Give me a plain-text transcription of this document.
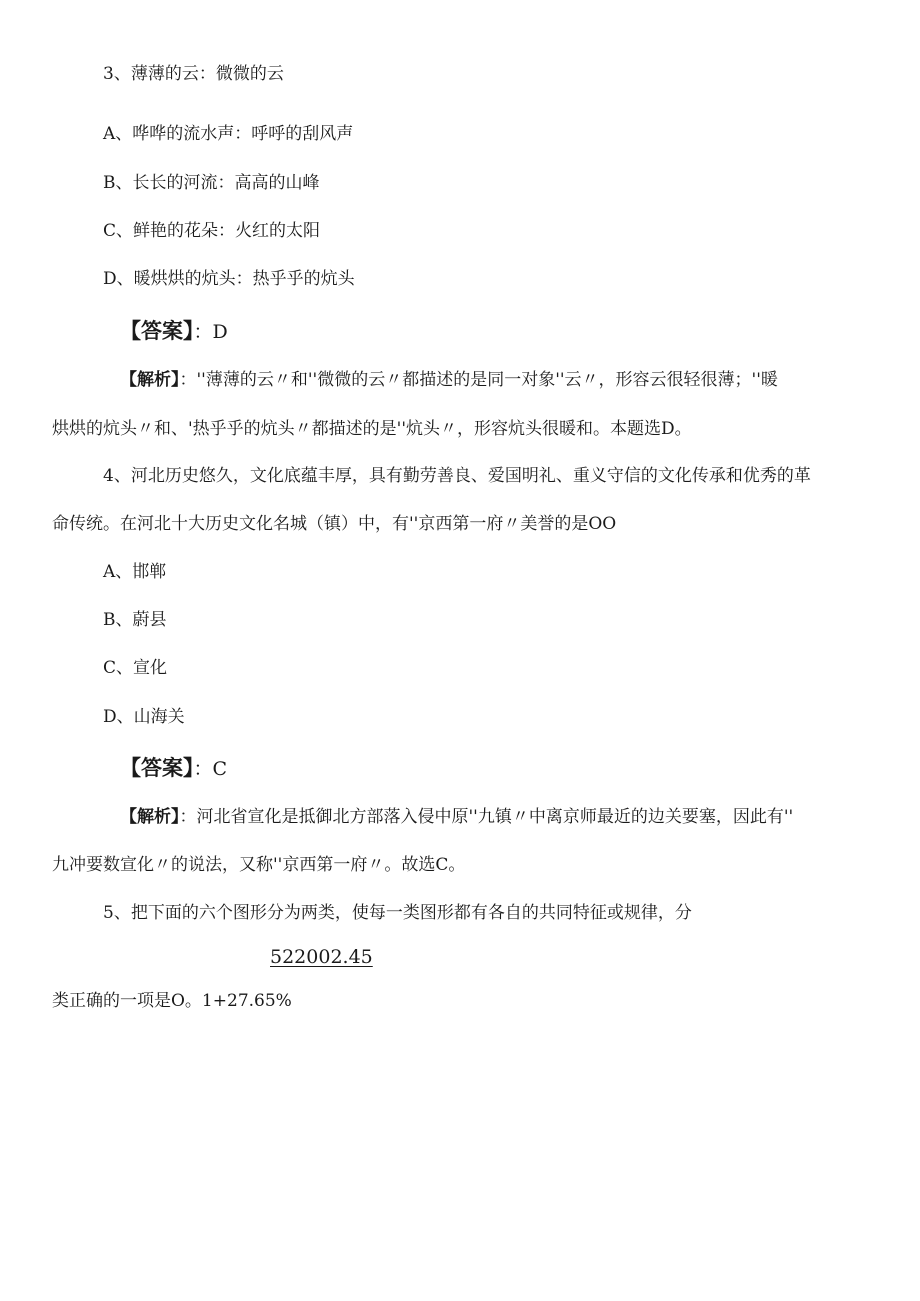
3、薄薄的云：微微的云
A、哗哗的流水声：呼呼的刮风声
B、长长的河流：高高的山峰
C、鲜艳的花朵：火红的太阳
D、暖烘烘的炕头：热乎乎的炕头
【答案】：D
【解析】：''薄薄的云〃和''微微的云〃都描述的是同一对象''云〃，形容云很轻很薄；''暖
烘烘的炕头〃和、'热乎乎的炕头〃都描述的是''炕头〃，形容炕头很暖和。本题选D。
4、河北历史悠久，文化底蕴丰厚，具有勤劳善良、爱国明礼、重义守信的文化传承和优秀的革
命传统。在河北十大历史文化名城（镇）中，有''京西第一府〃美誉的是OO
A、邯郸
B、蔚县
C、宣化
D、山海关
【答案】：C
【解析】：河北省宣化是抵御北方部落入侵中原''九镇〃中离京师最近的边关要塞，因此有''
九冲要数宣化〃的说法，又称''京西第一府〃。故选C。
5、把下面的六个图形分为两类，使每一类图形都有各自的共同特征或规律，分
522002.45
类正确的一项是O。1+27.65%
